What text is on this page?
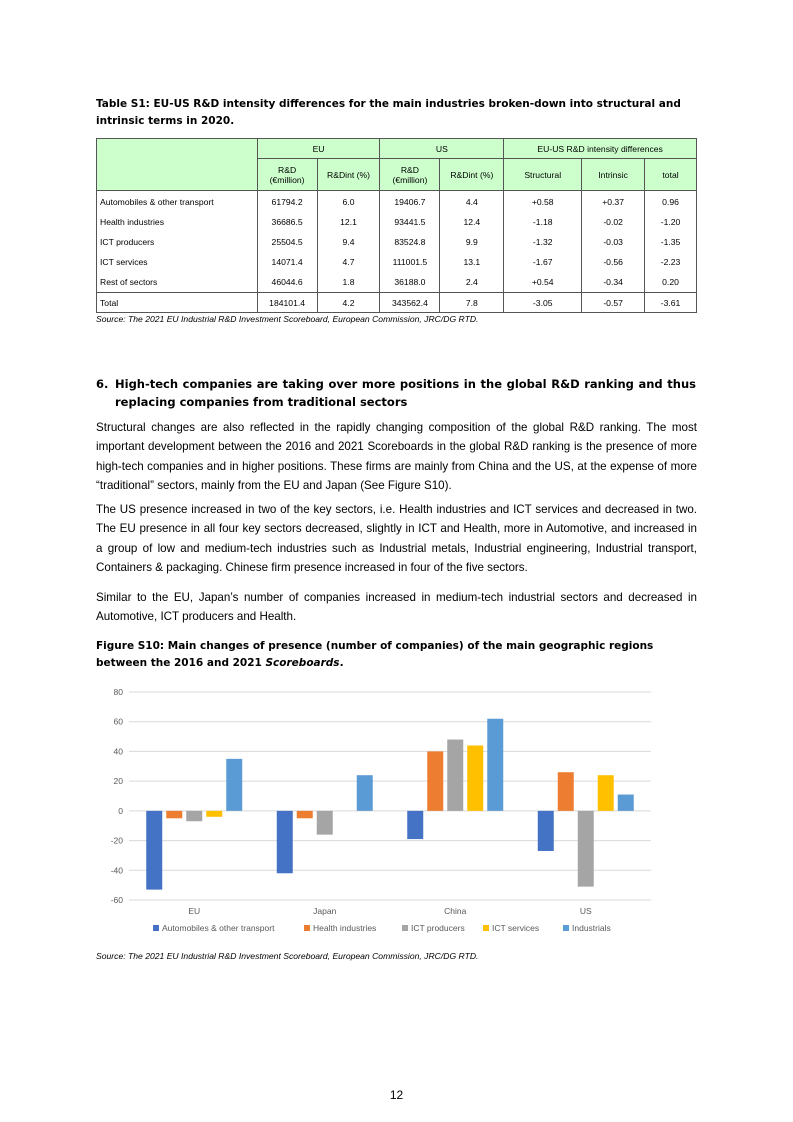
Table S1: EU-US R&D intensity differences for the main industries broken-down into structural and intrinsic terms in 2020.
	EU		US		EU-US R&D intensity differences		
	R&D (€million)	R&Dint (%)	R&D (€million)	R&Dint (%)	Structural	Intrinsic	total
Automobiles & other transport	61794.2	6.0	19406.7	4.4	+0.58	+0.37	0.96
Health industries	36686.5	12.1	93441.5	12.4	-1.18	-0.02	-1.20
ICT producers	25504.5	9.4	83524.8	9.9	-1.32	-0.03	-1.35
ICT services	14071.4	4.7	111001.5	13.1	-1.67	-0.56	-2.23
Rest of sectors	46044.6	1.8	36188.0	2.4	+0.54	-0.34	0.20
Total	184101.4	4.2	343562.4	7.8	-3.05	-0.57	-3.61
Source: The 2021 EU Industrial R&D Investment Scoreboard, European Commission, JRC/DG RTD.
6. High-tech companies are taking over more positions in the global R&D ranking and thus replacing companies from traditional sectors
Structural changes are also reflected in the rapidly changing composition of the global R&D ranking. The most important development between the 2016 and 2021 Scoreboards in the global R&D ranking is the presence of more high-tech companies and in higher positions. These firms are mainly from China and the US, at the expense of more “traditional” sectors, mainly from the EU and Japan (See Figure S10).
The US presence increased in two of the key sectors, i.e. Health industries and ICT services and decreased in two. The EU presence in all four key sectors decreased, slightly in ICT and Health, more in Automotive, and increased in a group of low and medium-tech industries such as Industrial metals, Industrial engineering, Industrial transport, Containers & packaging. Chinese firm presence increased in four of the five sectors.
Similar to the EU, Japan’s number of companies increased in medium-tech industrial sectors and decreased in Automotive, ICT producers and Health.
Figure S10: Main changes of presence (number of companies) of the main geographic regions between the 2016 and 2021 Scoreboards.
80
60
40
20
0
-20
-40
-60
EU	Japan	China	US
Automobiles & other transport	Health industries	ICT producers	ICT services	Industrials
Source: The 2021 EU Industrial R&D Investment Scoreboard, European Commission, JRC/DG RTD.
12
